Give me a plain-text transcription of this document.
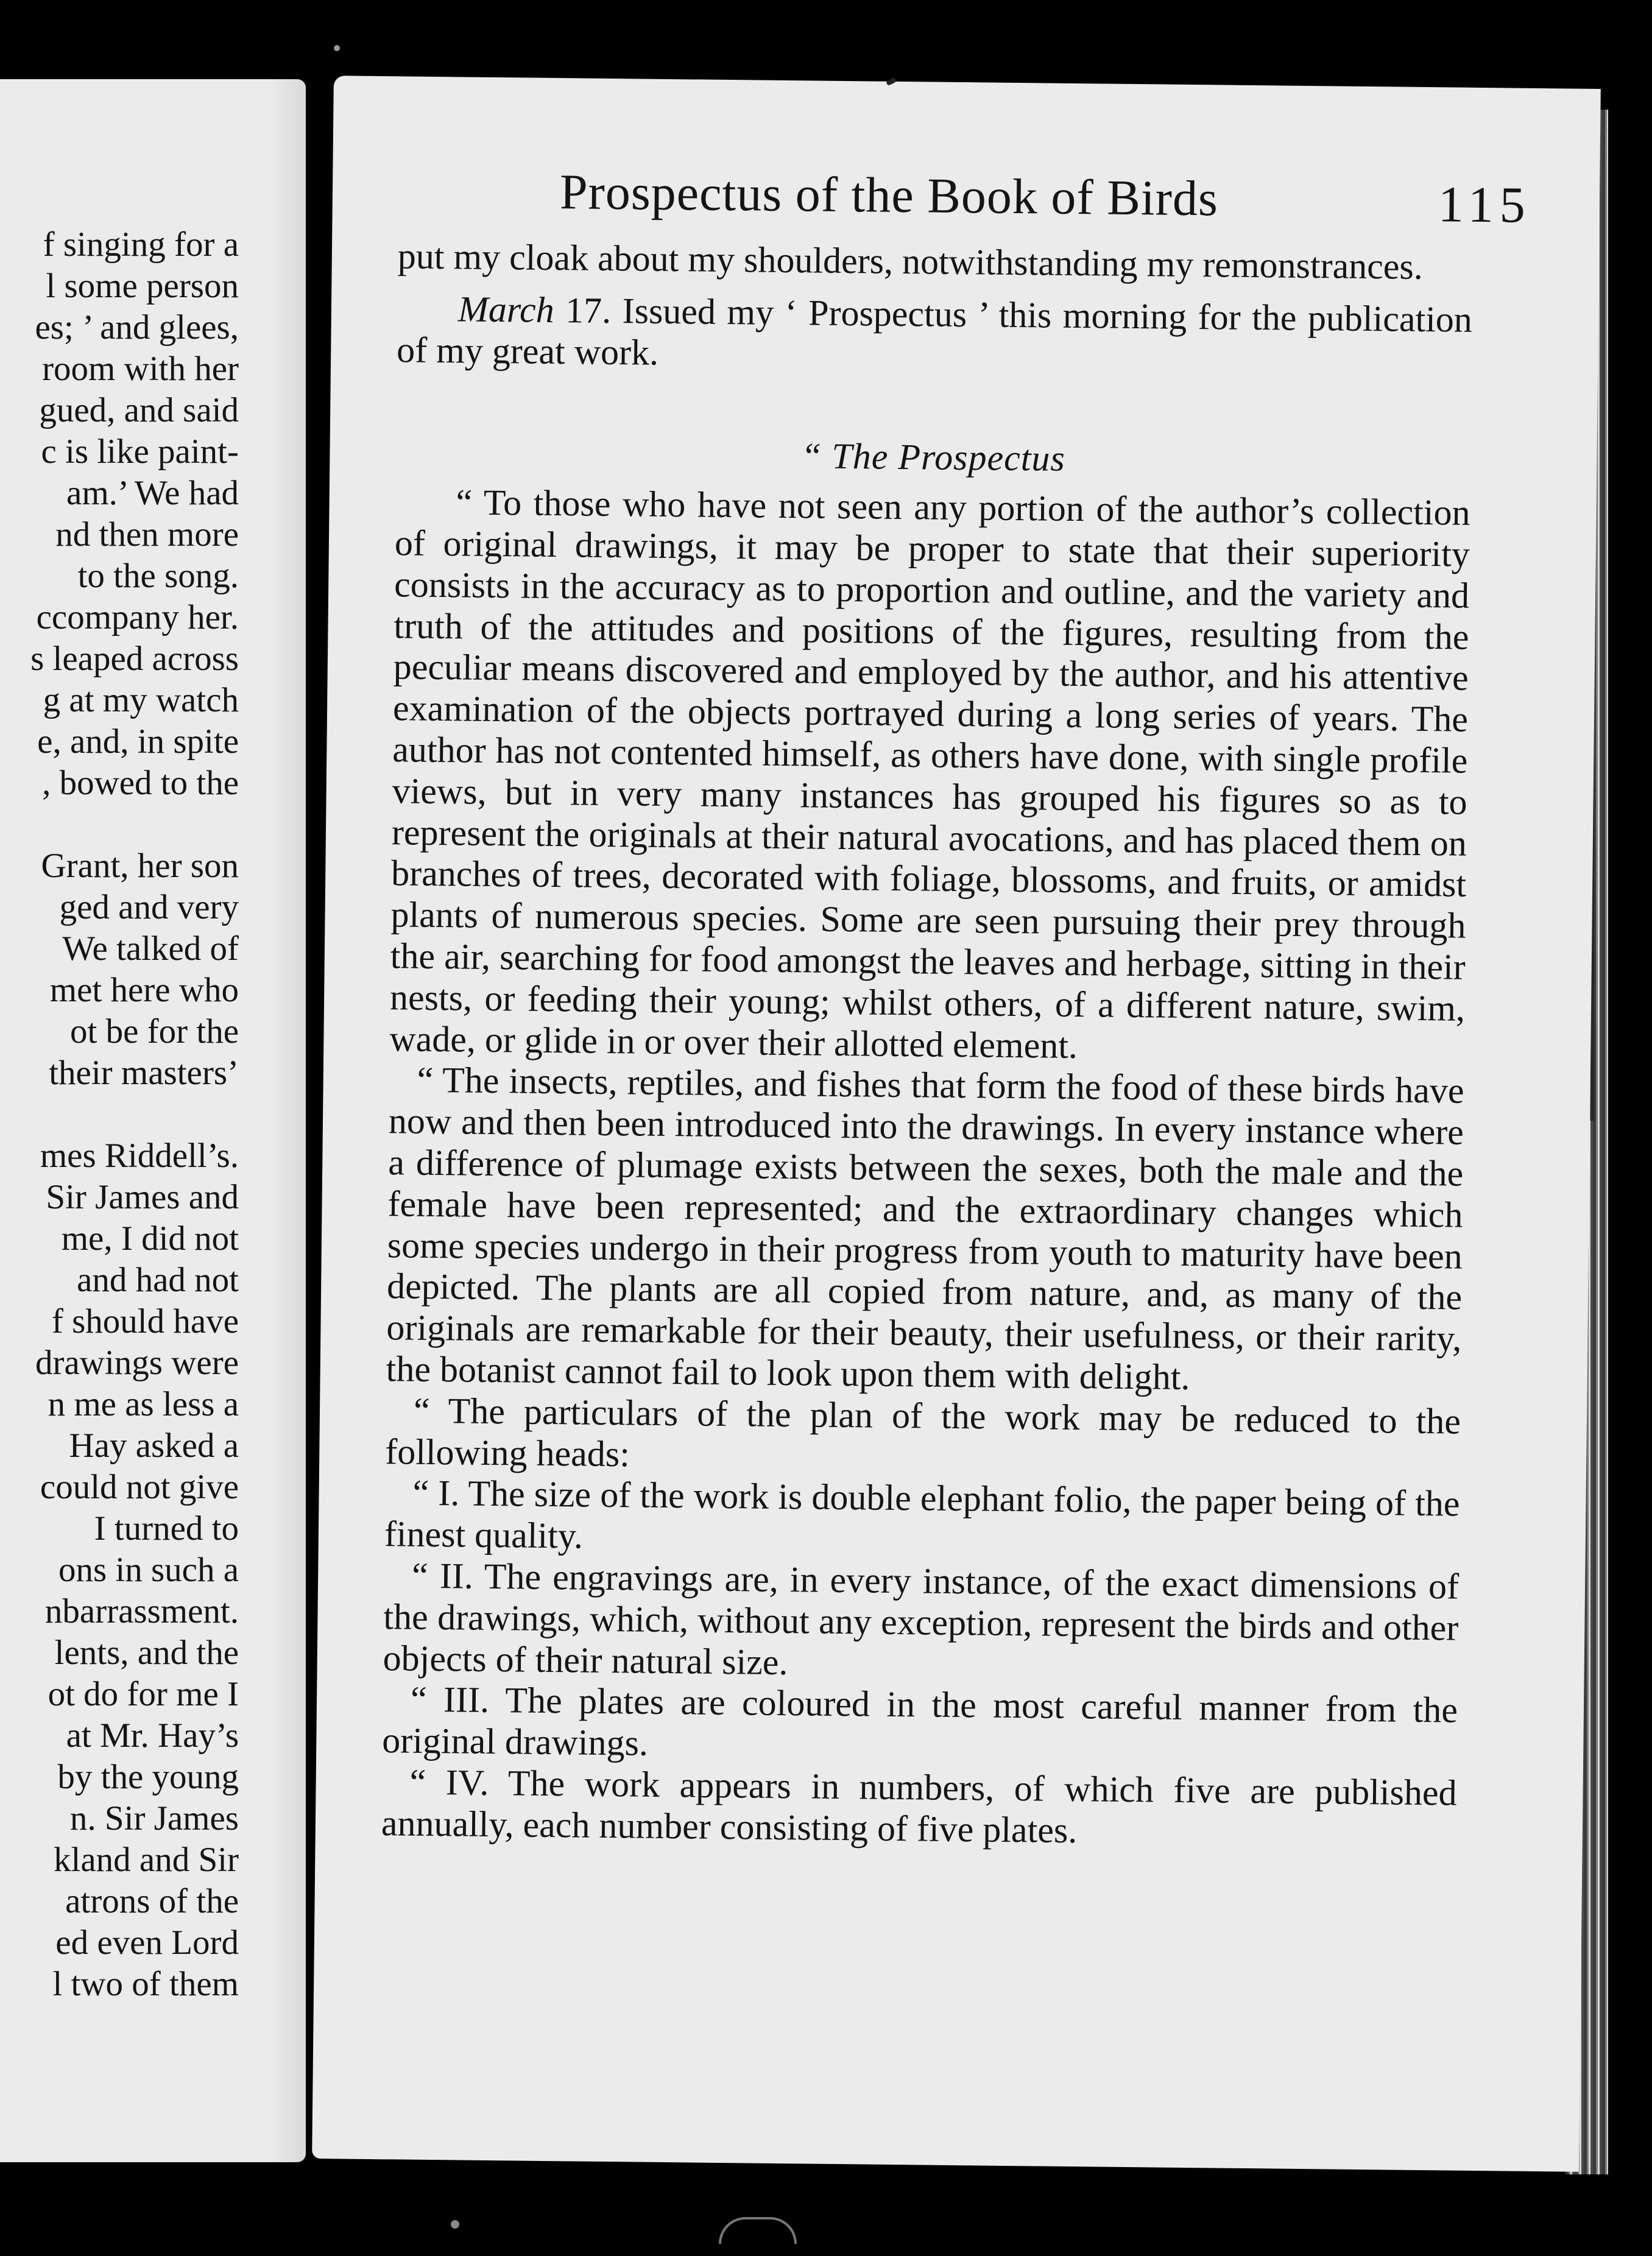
f singing for a
l some person
es; ’ and glees,
room with her
gued, and said
c is like paint-
am.’ We had
nd then more
to the song.
ccompany her.
s leaped across
g at my watch
e, and, in spite
, bowed to the

Grant, her son
ged and very
We talked of
met here who
ot be for the
their masters’

mes Riddell’s.
Sir James and
me, I did not
and had not
f should have
drawings were
n me as less a
Hay asked a
could not give
I turned to
ons in such a
nbarrassment.
lents, and the
ot do for me I
at Mr. Hay’s
by the young
n. Sir James
kland and Sir
atrons of the
ed even Lord
l two of them
Prospectus of the Book of Birds	115

put my cloak about my shoulders, notwithstanding my remonstrances.

March 17. Issued my ‘ Prospectus ’ this morning for the publication of my great work.

“ The Prospectus

“ To those who have not seen any portion of the author’s collection of original drawings, it may be proper to state that their superiority consists in the accuracy as to proportion and outline, and the variety and truth of the attitudes and positions of the figures, resulting from the peculiar means discovered and employed by the author, and his attentive examination of the objects portrayed during a long series of years. The author has not contented himself, as others have done, with single profile views, but in very many instances has grouped his figures so as to represent the originals at their natural avocations, and has placed them on branches of trees, decorated with foliage, blossoms, and fruits, or amidst plants of numerous species. Some are seen pursuing their prey through the air, searching for food amongst the leaves and herbage, sitting in their nests, or feeding their young; whilst others, of a different nature, swim, wade, or glide in or over their allotted element.

“ The insects, reptiles, and fishes that form the food of these birds have now and then been introduced into the drawings. In every instance where a difference of plumage exists between the sexes, both the male and the female have been represented; and the extraordinary changes which some species undergo in their progress from youth to maturity have been depicted. The plants are all copied from nature, and, as many of the originals are remarkable for their beauty, their usefulness, or their rarity, the botanist cannot fail to look upon them with delight.

“ The particulars of the plan of the work may be reduced to the following heads:

“ I. The size of the work is double elephant folio, the paper being of the finest quality.

“ II. The engravings are, in every instance, of the exact dimensions of the drawings, which, without any exception, represent the birds and other objects of their natural size.

“ III. The plates are coloured in the most careful manner from the original drawings.

“ IV. The work appears in numbers, of which five are published annually, each number consisting of five plates.
